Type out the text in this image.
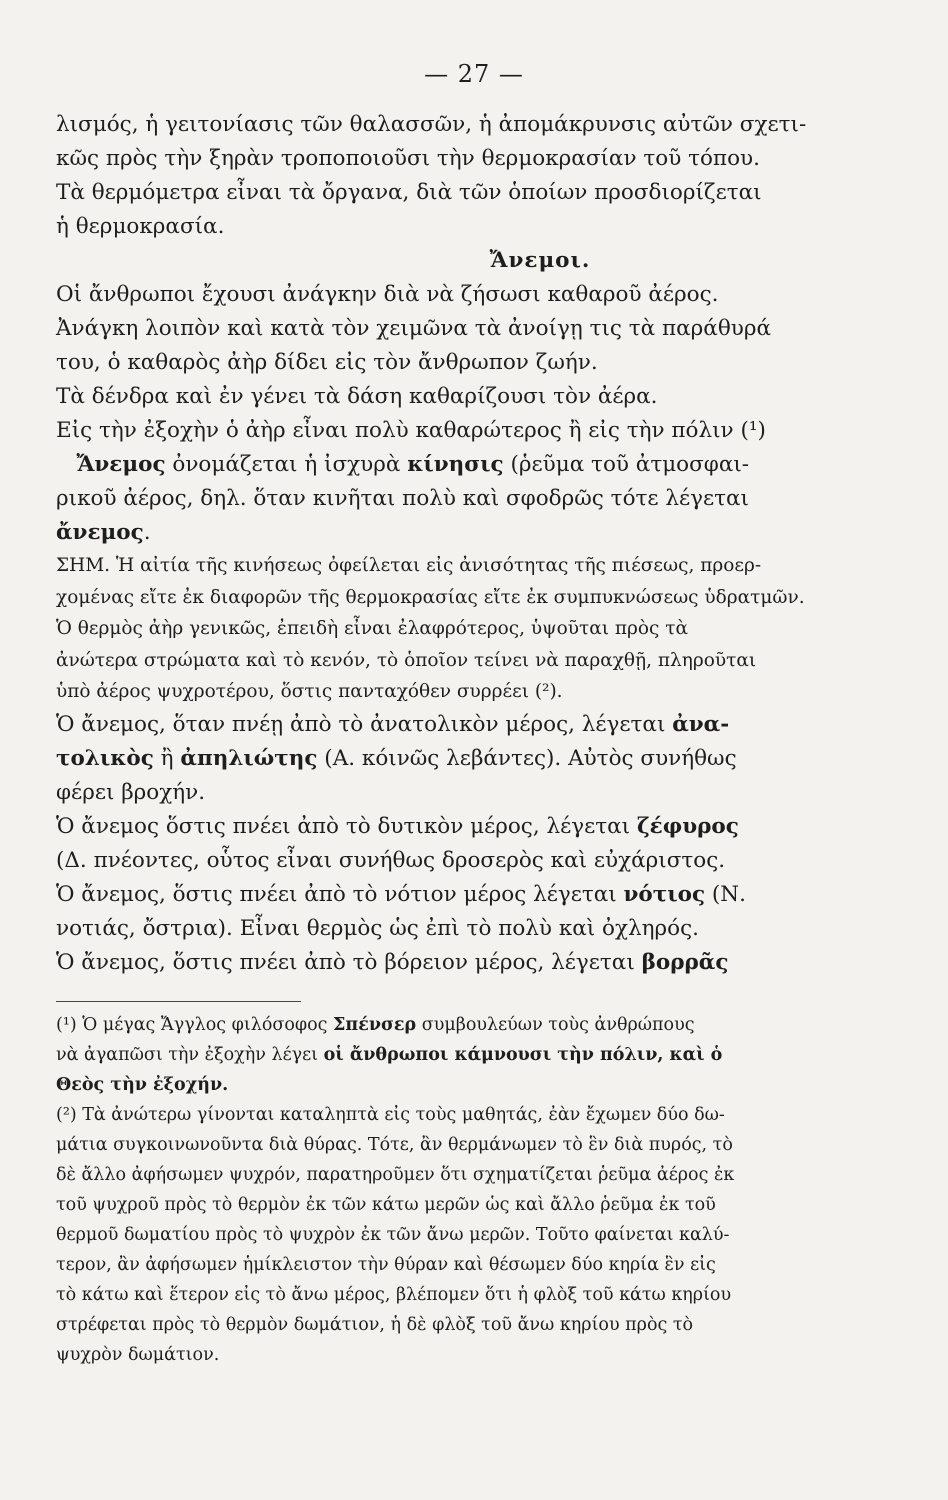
— 27 —

λισμός, ἡ γειτονίασις τῶν θαλασσῶν, ἡ ἀπομάκρυνσις αὐτῶν σχετι-

κῶς πρὸς τὴν ξηρὰν τροποποιοῦσι τὴν θερμοκρασίαν τοῦ τόπου.

Τὰ θερμόμετρα εἶναι τὰ ὄργανα, διὰ τῶν ὁποίων προσδιορίζεται

ἡ θερμοκρασία.

Ἄνεμοι.

Οἱ ἄνθρωποι ἔχουσι ἀνάγκην διὰ νὰ ζήσωσι καθαροῦ ἀέρος.

Ἀνάγκη λοιπὸν καὶ κατὰ τὸν χειμῶνα τὰ ἀνοίγῃ τις τὰ παράθυρά

του, ὁ καθαρὸς ἀὴρ δίδει εἰς τὸν ἄνθρωπον ζωήν.

Τὰ δένδρα καὶ ἐν γένει τὰ δάση καθαρίζουσι τὸν ἀέρα.

Εἰς τὴν ἐξοχὴν ὁ ἀὴρ εἶναι πολὺ καθαρώτερος ἢ εἰς τὴν πόλιν (¹)

Ἄνεμος ὀνομάζεται ἡ ἰσχυρὰ κίνησις (ῥεῦμα τοῦ ἀτμοσφαι-

ρικοῦ ἀέρος, δηλ. ὅταν κινῆται πολὺ καὶ σφοδρῶς τότε λέγεται

ἄνεμος.

ΣΗΜ. Ἡ αἰτία τῆς κινήσεως ὀφείλεται εἰς ἀνισότητας τῆς πιέσεως, προερ-

χομένας εἴτε ἐκ διαφορῶν τῆς θερμοκρασίας εἴτε ἐκ συμπυκνώσεως ὑδρατμῶν.

Ὁ θερμὸς ἀὴρ γενικῶς, ἐπειδὴ εἶναι ἐλαφρότερος, ὑψοῦται πρὸς τὰ

ἀνώτερα στρώματα καὶ τὸ κενόν, τὸ ὁποῖον τείνει νὰ παραχθῇ, πληροῦται

ὑπὸ ἀέρος ψυχροτέρου, ὅστις πανταχόθεν συρρέει (²).

Ὁ ἄνεμος, ὅταν πνέῃ ἀπὸ τὸ ἀνατολικὸν μέρος, λέγεται ἀνα-

τολικὸς ἢ ἀπηλιώτης (Α. κόινῶς λεβάντες). Αὐτὸς συνήθως

φέρει βροχήν.

Ὁ ἄνεμος ὅστις πνέει ἀπὸ τὸ δυτικὸν μέρος, λέγεται ζέφυρος

(Δ. πνέοντες, οὗτος εἶναι συνήθως δροσερὸς καὶ εὐχάριστος.

Ὁ ἄνεμος, ὅστις πνέει ἀπὸ τὸ νότιον μέρος λέγεται νότιος (Ν.

νοτιάς, ὄστρια). Εἶναι θερμὸς ὡς ἐπὶ τὸ πολὺ καὶ ὀχληρός.

Ὁ ἄνεμος, ὅστις πνέει ἀπὸ τὸ βόρειον μέρος, λέγεται βορρᾶς

(¹) Ὁ μέγας Ἄγγλος φιλόσοφος Σπένσερ συμβουλεύων τοὺς ἀνθρώπους

νὰ ἀγαπῶσι τὴν ἐξοχὴν λέγει οἱ ἄνθρωποι κάμνουσι τὴν πόλιν, καὶ ὁ

Θεὸς τὴν ἐξοχήν.

(²) Τὰ ἀνώτερω γίνονται καταληπτὰ εἰς τοὺς μαθητάς, ἐὰν ἔχωμεν δύο δω-

μάτια συγκοινωνοῦντα διὰ θύρας. Τότε, ἂν θερμάνωμεν τὸ ἓν διὰ πυρός, τὸ

δὲ ἄλλο ἀφήσωμεν ψυχρόν, παρατηροῦμεν ὅτι σχηματίζεται ῥεῦμα ἀέρος ἐκ

τοῦ ψυχροῦ πρὸς τὸ θερμὸν ἐκ τῶν κάτω μερῶν ὡς καὶ ἄλλο ῥεῦμα ἐκ τοῦ

θερμοῦ δωματίου πρὸς τὸ ψυχρὸν ἐκ τῶν ἄνω μερῶν. Τοῦτο φαίνεται καλύ-

τερον, ἂν ἀφήσωμεν ἡμίκλειστον τὴν θύραν καὶ θέσωμεν δύο κηρία ἓν εἰς

τὸ κάτω καὶ ἕτερον εἰς τὸ ἄνω μέρος, βλέπομεν ὅτι ἡ φλὸξ τοῦ κάτω κηρίου

στρέφεται πρὸς τὸ θερμὸν δωμάτιον, ἡ δὲ φλὸξ τοῦ ἄνω κηρίου πρὸς τὸ

ψυχρὸν δωμάτιον.
